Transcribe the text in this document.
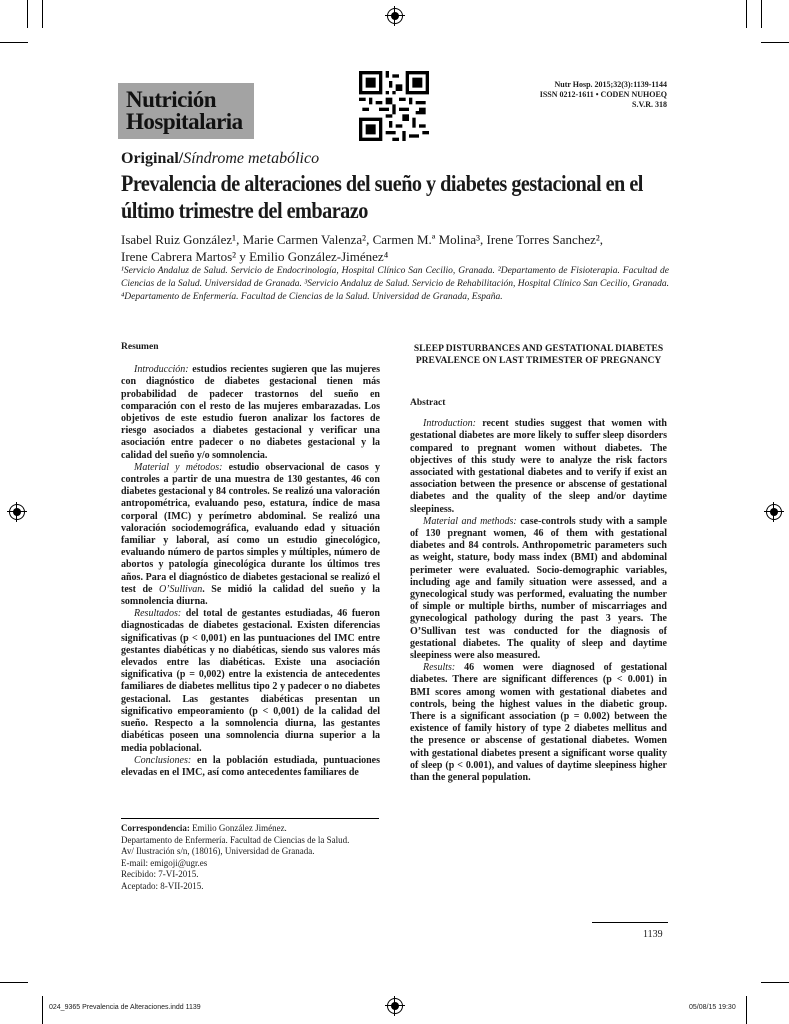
Nutrición
Hospitalaria
Nutr Hosp. 2015;32(3):1139-1144
ISSN 0212-1611 • CODEN NUHOEQ
S.V.R. 318
Original/Síndrome metabólico
Prevalencia de alteraciones del sueño y diabetes gestacional en el último trimestre del embarazo
Isabel Ruiz González¹, Marie Carmen Valenza², Carmen M.ª Molina³, Irene Torres Sanchez²,
Irene Cabrera Martos² y Emilio González-Jiménez⁴
¹Servicio Andaluz de Salud. Servicio de Endocrinología, Hospital Clínico San Cecilio, Granada. ²Departamento de Fisioterapia. Facultad de Ciencias de la Salud. Universidad de Granada. ³Servicio Andaluz de Salud. Servicio de Rehabilitación, Hospital Clínico San Cecilio, Granada. ⁴Departamento de Enfermería. Facultad de Ciencias de la Salud. Universidad de Granada, España.
Resumen

Introducción: estudios recientes sugieren que las mujeres con diagnóstico de diabetes gestacional tienen más probabilidad de padecer trastornos del sueño en comparación con el resto de las mujeres embarazadas. Los objetivos de este estudio fueron analizar los factores de riesgo asociados a diabetes gestacional y verificar una asociación entre padecer o no diabetes gestacional y la calidad del sueño y/o somnolencia.

Material y métodos: estudio observacional de casos y controles a partir de una muestra de 130 gestantes, 46 con diabetes gestacional y 84 controles. Se realizó una valoración antropométrica, evaluando peso, estatura, índice de masa corporal (IMC) y perímetro abdominal. Se realizó una valoración sociodemográfica, evaluando edad y situación familiar y laboral, así como un estudio ginecológico, evaluando número de partos simples y múltiples, número de abortos y patología ginecológica durante los últimos tres años. Para el diagnóstico de diabetes gestacional se realizó el test de O’Sullivan. Se midió la calidad del sueño y la somnolencia diurna.

Resultados: del total de gestantes estudiadas, 46 fueron diagnosticadas de diabetes gestacional. Existen diferencias significativas (p < 0,001) en las puntuaciones del IMC entre gestantes diabéticas y no diabéticas, siendo sus valores más elevados entre las diabéticas. Existe una asociación significativa (p = 0,002) entre la existencia de antecedentes familiares de diabetes mellitus tipo 2 y padecer o no diabetes gestacional. Las gestantes diabéticas presentan un significativo empeoramiento (p < 0,001) de la calidad del sueño. Respecto a la somnolencia diurna, las gestantes diabéticas poseen una somnolencia diurna superior a la media poblacional.

Conclusiones: en la población estudiada, puntuaciones elevadas en el IMC, así como antecedentes familiares de

SLEEP DISTURBANCES AND GESTATIONAL DIABETES PREVALENCE ON LAST TRIMESTER OF PREGNANCY
Abstract

Introduction: recent studies suggest that women with gestational diabetes are more likely to suffer sleep disorders compared to pregnant women without diabetes. The objectives of this study were to analyze the risk factors associated with gestational diabetes and to verify if exist an association between the presence or abscense of gestational diabetes and the quality of the sleep and/or daytime sleepiness.

Material and methods: case-controls study with a sample of 130 pregnant women, 46 of them with gestational diabetes and 84 controls. Anthropometric parameters such as weight, stature, body mass index (BMI) and abdominal perimeter were evaluated. Socio-demographic variables, including age and family situation were assessed, and a gynecological study was performed, evaluating the number of simple or multiple births, number of miscarriages and gynecological pathology during the past 3 years. The O’Sullivan test was conducted for the diagnosis of gestational diabetes. The quality of sleep and daytime sleepiness were also measured.

Results: 46 women were diagnosed of gestational diabetes. There are significant differences (p < 0.001) in BMI scores among women with gestational diabetes and controls, being the highest values in the diabetic group. There is a significant association (p = 0.002) between the existence of family history of type 2 diabetes mellitus and the presence or abscense of gestational diabetes. Women with gestational diabetes present a significant worse quality of sleep (p < 0.001), and values of daytime sleepiness higher than the general population.

Correspondencia: Emilio González Jiménez.
Departamento de Enfermería. Facultad de Ciencias de la Salud.
Av/ Ilustración s/n, (18016), Universidad de Granada.
E-mail: emigoji@ugr.es
Recibido: 7-VI-2015.
Aceptado: 8-VII-2015.
1139
024_9365 Prevalencia de Alteraciones.indd 1139	05/08/15 19:30
